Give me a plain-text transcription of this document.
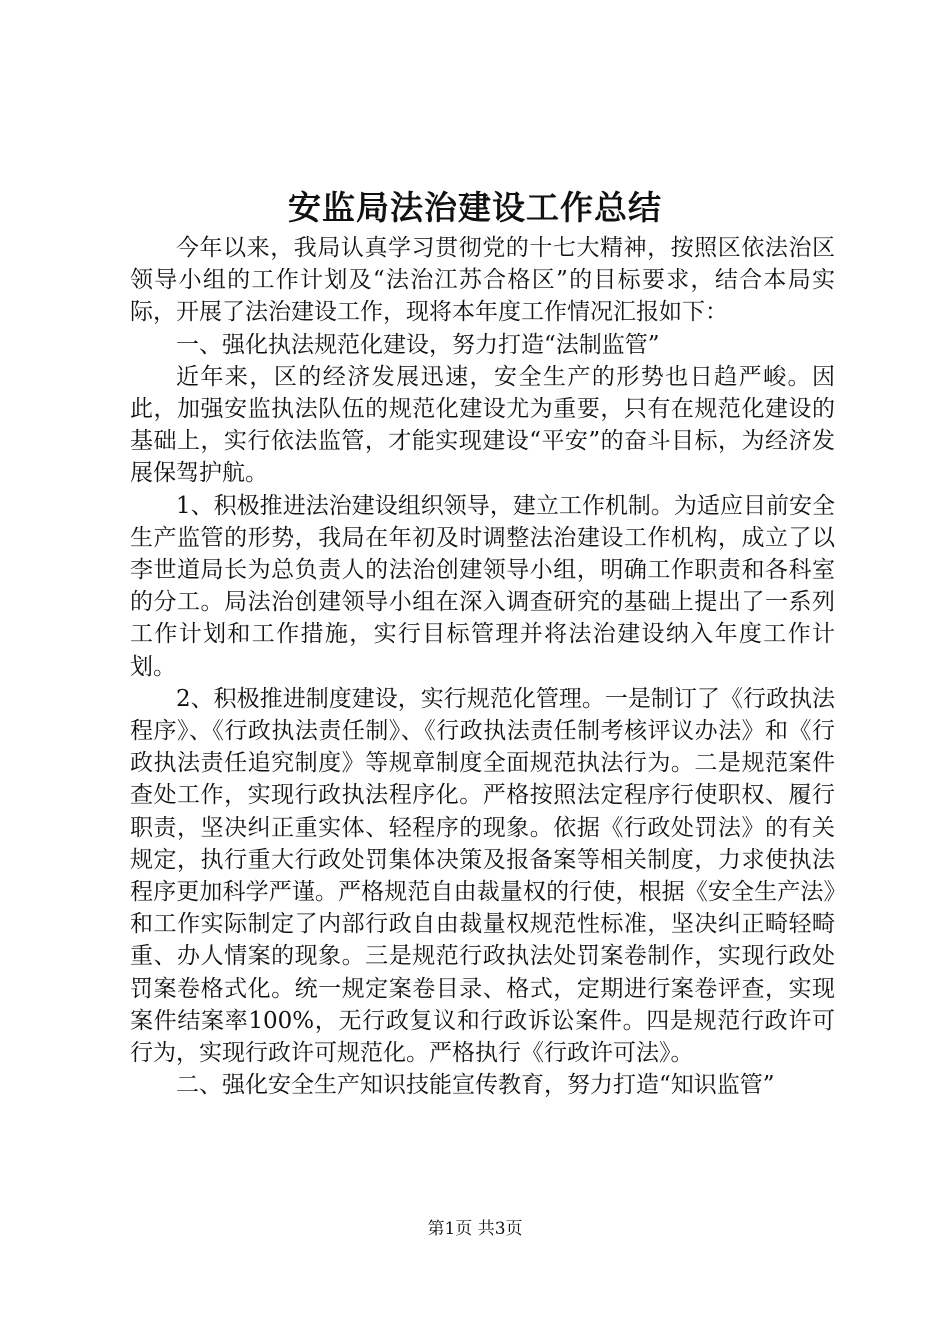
安监局法治建设工作总结

今年以来，我局认真学习贯彻党的十七大精神，按照区依法治区领导小组的工作计划及“法治江苏合格区”的目标要求，结合本局实际，开展了法治建设工作，现将本年度工作情况汇报如下：

一、强化执法规范化建设，努力打造“法制监管”

近年来，区的经济发展迅速，安全生产的形势也日趋严峻。因此，加强安监执法队伍的规范化建设尤为重要，只有在规范化建设的基础上，实行依法监管，才能实现建设“平安”的奋斗目标，为经济发展保驾护航。

1、积极推进法治建设组织领导，建立工作机制。为适应目前安全生产监管的形势，我局在年初及时调整法治建设工作机构，成立了以李世道局长为总负责人的法治创建领导小组，明确工作职责和各科室的分工。局法治创建领导小组在深入调查研究的基础上提出了一系列工作计划和工作措施，实行目标管理并将法治建设纳入年度工作计划。

2、积极推进制度建设，实行规范化管理。一是制订了《行政执法程序》、《行政执法责任制》、《行政执法责任制考核评议办法》和《行政执法责任追究制度》等规章制度全面规范执法行为。二是规范案件查处工作，实现行政执法程序化。严格按照法定程序行使职权、履行职责，坚决纠正重实体、轻程序的现象。依据《行政处罚法》的有关规定，执行重大行政处罚集体决策及报备案等相关制度，力求使执法程序更加科学严谨。严格规范自由裁量权的行使，根据《安全生产法》和工作实际制定了内部行政自由裁量权规范性标准，坚决纠正畸轻畸重、办人情案的现象。三是规范行政执法处罚案卷制作，实现行政处罚案卷格式化。统一规定案卷目录、格式，定期进行案卷评查，实现案件结案率100%，无行政复议和行政诉讼案件。四是规范行政许可行为，实现行政许可规范化。严格执行《行政许可法》。

二、强化安全生产知识技能宣传教育，努力打造“知识监管”

第1页 共3页
